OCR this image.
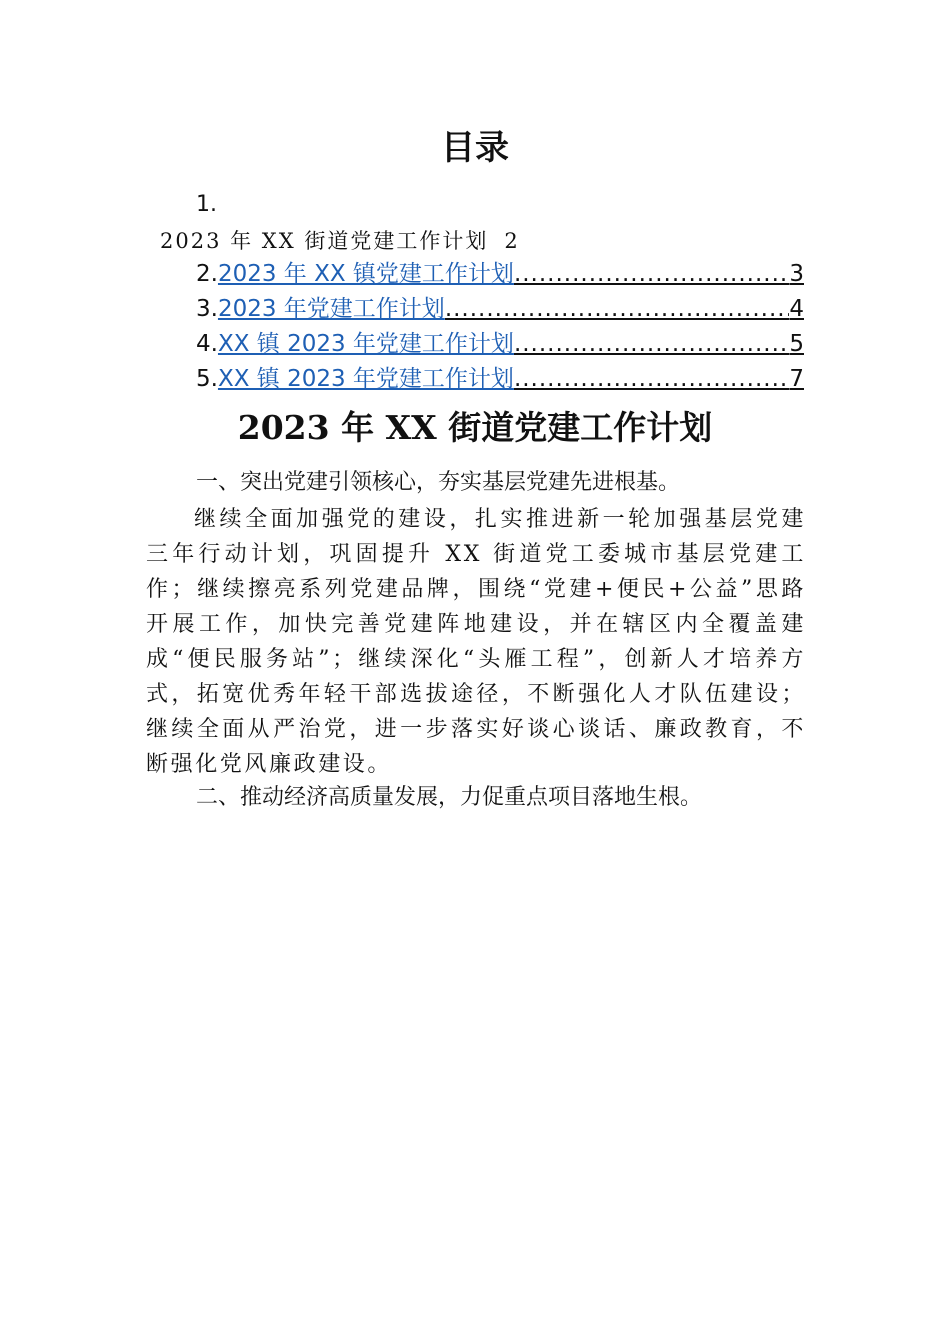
目录
1.
2023 年 XX 街道党建工作计划 2
2. 2023 年 XX 镇党建工作计划 .....	3
3. 2023 年党建工作计划 .....	4
4. XX 镇 2023 年党建工作计划 .....	5
5. XX 镇 2023 年党建工作计划 .....	7
2023 年 XX 街道党建工作计划
一、突出党建引领核心，夯实基层党建先进根基。
继续全面加强党的建设，扎实推进新一轮加强基层党建三年行动计划，巩固提升 XX 街道党工委城市基层党建工作；继续擦亮系列党建品牌，围绕“党建+便民+公益”思路开展工作，加快完善党建阵地建设，并在辖区内全覆盖建成“便民服务站”；继续深化“头雁工程”，创新人才培养方式，拓宽优秀年轻干部选拔途径，不断强化人才队伍建设；继续全面从严治党，进一步落实好谈心谈话、廉政教育，不断强化党风廉政建设。
二、推动经济高质量发展，力促重点项目落地生根。
